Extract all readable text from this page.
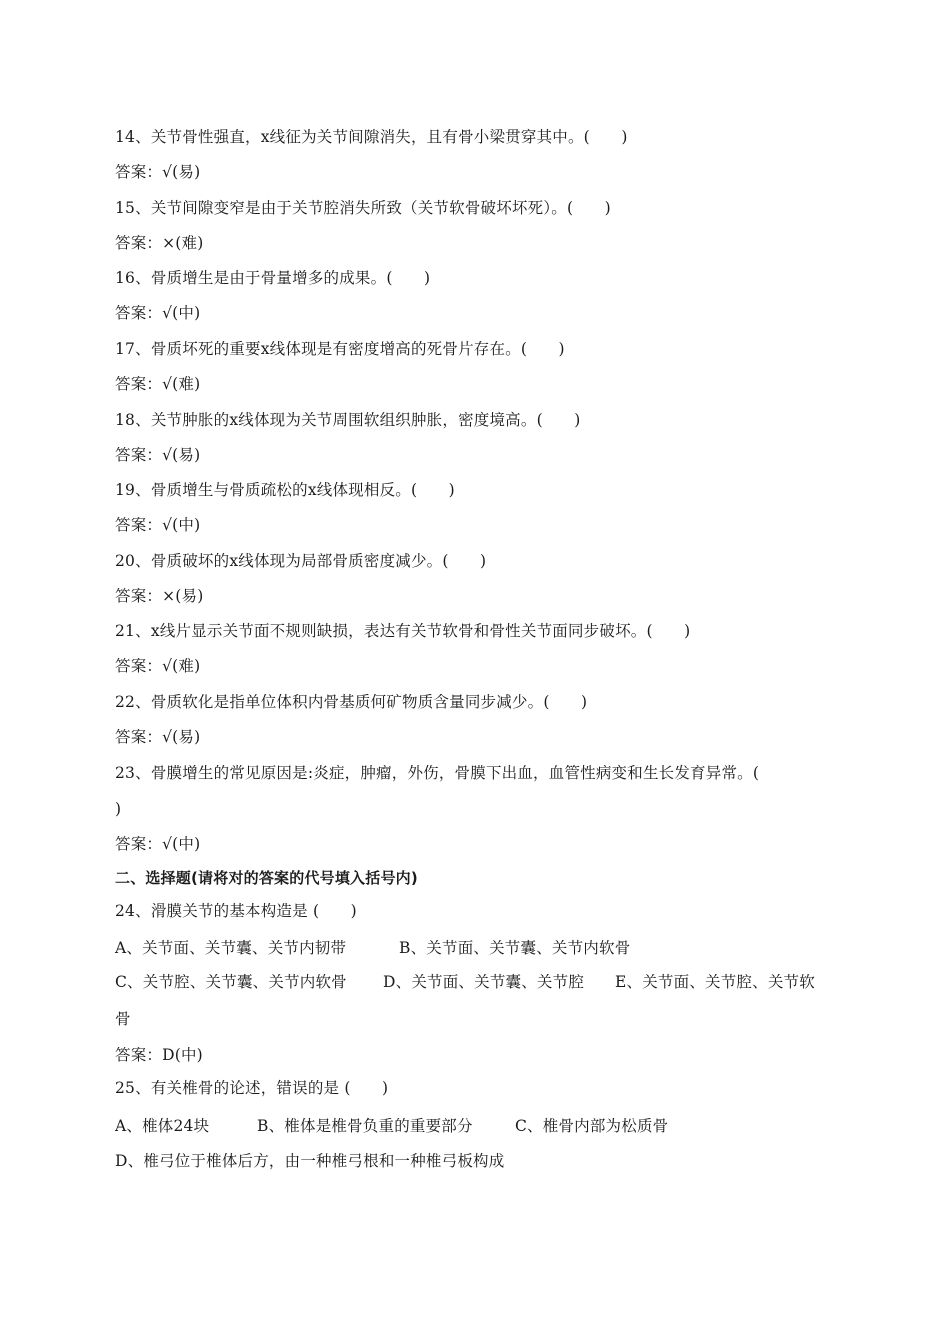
14、关节骨性强直，x线征为关节间隙消失，且有骨小梁贯穿其中。(　　)
答案：√(易)
15、关节间隙变窄是由于关节腔消失所致（关节软骨破坏坏死）。(　　)
答案：×(难)
16、骨质增生是由于骨量增多的成果。(　　)
答案：√(中)
17、骨质坏死的重要x线体现是有密度增高的死骨片存在。(　　)
答案：√(难)
18、关节肿胀的x线体现为关节周围软组织肿胀，密度境高。(　　)
答案：√(易)
19、骨质增生与骨质疏松的x线体现相反。(　　)
答案：√(中)
20、骨质破坏的x线体现为局部骨质密度减少。(　　)
答案：×(易)
21、x线片显示关节面不规则缺损，表达有关节软骨和骨性关节面同步破坏。(　　)
答案：√(难)
22、骨质软化是指单位体积内骨基质何矿物质含量同步减少。(　　)
答案：√(易)
23、骨膜增生的常见原因是:炎症，肿瘤，外伤，骨膜下出血，血管性病变和生长发育异常。(
)
答案：√(中)
二、选择题(请将对的答案的代号填入括号内)
24、滑膜关节的基本构造是 (　　)
A、关节面、关节囊、关节内韧带	B、关节面、关节囊、关节内软骨
C、关节腔、关节囊、关节内软骨 D、关节面、关节囊、关节腔 E、关节面、关节腔、关节软
骨
答案：D(中)
25、有关椎骨的论述，错误的是 (　　)
A、椎体24块	B、椎体是椎骨负重的重要部分	C、椎骨内部为松质骨
D、椎弓位于椎体后方，由一种椎弓根和一种椎弓板构成
